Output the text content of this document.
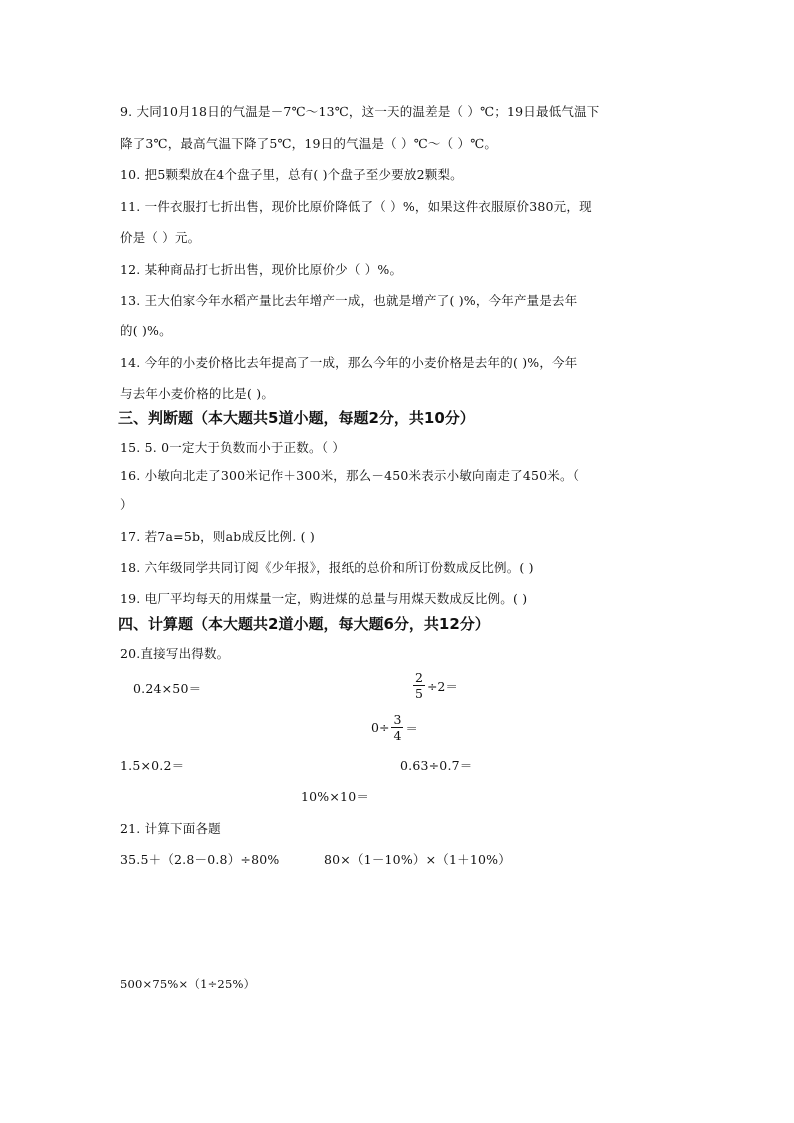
9. 大同10月18日的气温是－7℃～13℃，这一天的温差是（ ）℃；19日最低气温下
降了3℃，最高气温下降了5℃，19日的气温是（ ）℃～（ ）℃。
10. 把5颗梨放在4个盘子里，总有( )个盘子至少要放2颗梨。
11. 一件衣服打七折出售，现价比原价降低了（ ）%，如果这件衣服原价380元，现
价是（ ）元。
12. 某种商品打七折出售，现价比原价少（ ）%。
13. 王大伯家今年水稻产量比去年增产一成，也就是增产了( )%，今年产量是去年
的( )%。
14. 今年的小麦价格比去年提高了一成，那么今年的小麦价格是去年的( )%，今年
与去年小麦价格的比是( )。
三、判断题（本大题共5道小题，每题2分，共10分）
15. 5. 0一定大于负数而小于正数。（ ）
16. 小敏向北走了300米记作＋300米，那么－450米表示小敏向南走了450米。（
）
17. 若7a=5b，则ab成反比例. ( )
18. 六年级同学共同订阅《少年报》，报纸的总价和所订份数成反比例。( )
19. 电厂平均每天的用煤量一定，购进煤的总量与用煤天数成反比例。( )
四、计算题（本大题共2道小题，每大题6分，共12分）
20.直接写出得数。
0.24×50＝	$\frac{2}{5} \div 2=$
$0\div \frac{3}{4}$ ＝
1.5×0.2＝	0.63÷0.7＝
10%×10＝
21. 计算下面各题
35.5＋（2.8－0.8）÷80%	80×（1－10%）×（1＋10%）
500×75%×（1÷25%）
